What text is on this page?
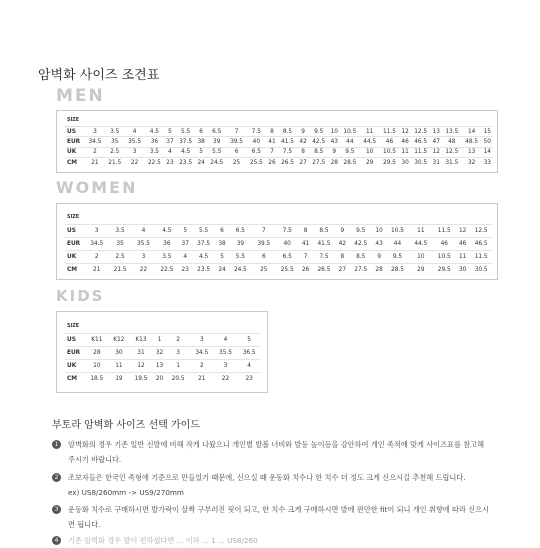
암벽화 사이즈 조견표
MEN
SIZE																								
US	3	3.5	4	4.5	5	5.5	6	6.5	7	7.5	8	8.5	9	9.5	10	10.5	11	11.5	12	12.5	13	13.5	14	15
EUR	34.5	35	35.5	36	37	37.5	38	39	39.5	40	41	41.5	42	42.5	43	44	44.5	46	46	46.5	47	48	48.5	50
UK	2	2.5	3	3.5	4	4.5	5	5.5	6	6.5	7	7.5	8	8.5	9	9.5	10	10.5	11	11.5	12	12.5	13	14
CM	21	21.5	22	22.5	23	23.5	24	24.5	25	25.5	26	26.5	27	27.5	28	28.5	29	29.5	30	30.5	31	31.5	32	33
WOMEN
SIZE																				
US	3	3.5	4	4.5	5	5.5	6	6.5	7	7.5	8	8.5	9	9.5	10	10.5	11	11.5	12	12.5
EUR	34.5	35	35.5	36	37	37.5	38	39	39.5	40	41	41.5	42	42.5	43	44	44.5	46	46	46.5
UK	2	2.5	3	3.5	4	4.5	5	5.5	6	6.5	7	7.5	8	8.5	9	9.5	10	10.5	11	11.5
CM	21	21.5	22	22.5	23	23.5	24	24.5	25	25.5	26	26.5	27	27.5	28	28.5	29	29.5	30	30.5
KIDS
SIZE								
US	K11	K12	K13	1	2	3	4	5
EUR	28	30	31	32	3	34.5	35.5	36.5
UK	10	11	12	13	1	2	3	4
CM	18.5	19	19.5	20	20.5	21	22	23
부토라 암벽화 사이즈 선택 가이드
1	암벽화의 경우 기존 일반 신발에 비해 작게 나왔으니 개인별 발볼 너비와 발등 높이등을 감안하여 개인 족적에 맞게 사이즈표를 참고해 주시기 바랍니다.
2	조보자들은 한국인 족형에 기준으로 만들었기 때문에, 신으실 때 운동화 치수나 한 치수 더 정도 크게 신으시길 추천해 드립니다.
ex) US8/260mm -> US9/270mm
3	운동화 치수로 구매하시면 발가락이 살짝 구부러진 핏이 되고, 한 치수 크게 구매하시면 발에 편안한 fit이 되니 개인 취향에 따라 신으시면 됩니다.
4	기존 암벽화 경우 발이 편하셨다면 ... 이하 ... 1 ... US8/260
